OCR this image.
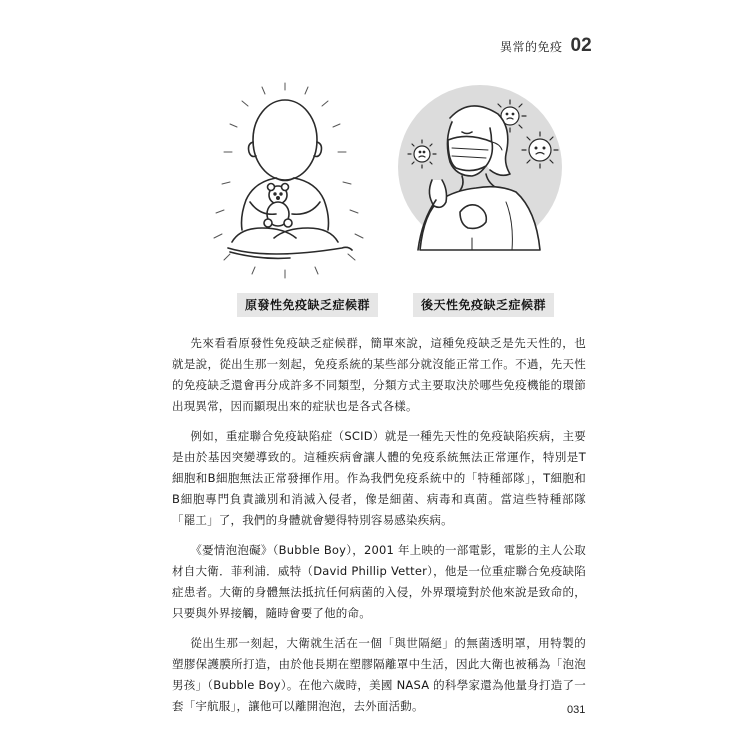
異常的免疫 02
原發性免疫缺乏症候群	後天性免疫缺乏症候群

先來看看原發性免疫缺乏症候群，簡單來說，這種免疫缺乏是先天性的，也就是說，從出生那一刻起，免疫系統的某些部分就沒能正常工作。不過，先天性的免疫缺乏還會再分成許多不同類型，分類方式主要取決於哪些免疫機能的環節出現異常，因而顯現出來的症狀也是各式各樣。

例如，重症聯合免疫缺陷症（SCID）就是一種先天性的免疫缺陷疾病，主要是由於基因突變導致的。這種疾病會讓人體的免疫系統無法正常運作，特別是T細胞和B細胞無法正常發揮作用。作為我們免疫系統中的「特種部隊」，T細胞和B細胞專門負責識別和消滅入侵者，像是細菌、病毒和真菌。當這些特種部隊「罷工」了，我們的身體就會變得特別容易感染疾病。

《憂情泡泡礙》（Bubble Boy），2001 年上映的一部電影，電影的主人公取材自大衛．菲利浦．威特（David Phillip Vetter），他是一位重症聯合免疫缺陷症患者。大衛的身體無法抵抗任何病菌的入侵，外界環境對於他來說是致命的，只要與外界接觸，隨時會要了他的命。

從出生那一刻起，大衛就生活在一個「與世隔絕」的無菌透明罩，用特製的塑膠保護膜所打造，由於他長期在塑膠隔離罩中生活，因此大衛也被稱為「泡泡男孩」（Bubble Boy）。在他六歲時，美國 NASA 的科學家還為他量身打造了一套「宇航服」，讓他可以離開泡泡，去外面活動。	031
